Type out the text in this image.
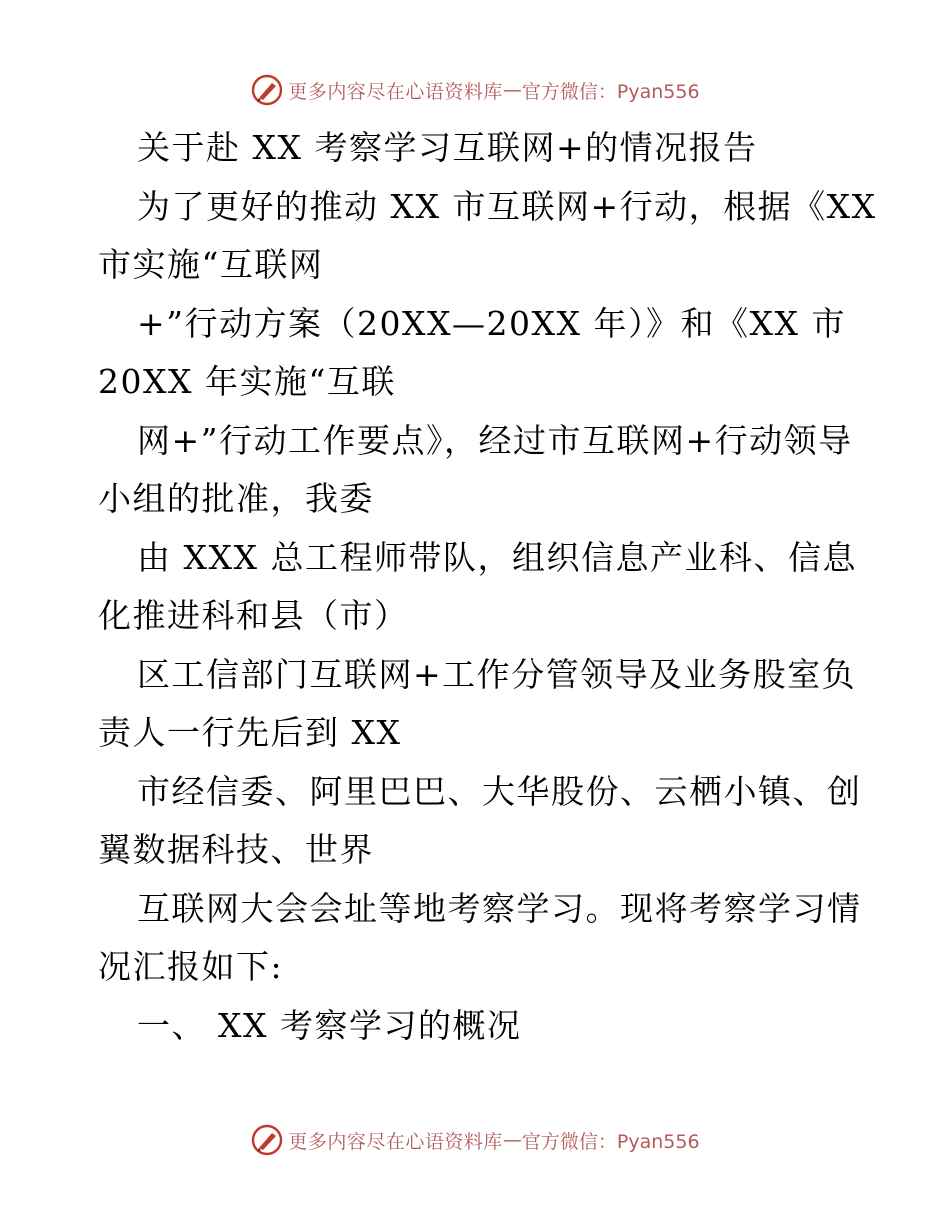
更多内容尽在心语资料库 — 官方微信：Pyan556
关于赴 XX 考察学习互联网+的情况报告
为了更好的推动 XX 市互联网+行动，根据《XX
市实施“互联网
+”行动方案（20XX—20XX 年）》和《XX 市
20XX 年实施“互联
网+”行动工作要点》，经过市互联网+行动领导
小组的批准，我委
由 XXX 总工程师带队，组织信息产业科、信息
化推进科和县（市）
区工信部门互联网+工作分管领导及业务股室负
责人一行先后到 XX
市经信委、阿里巴巴、大华股份、云栖小镇、创
翼数据科技、世界
互联网大会会址等地考察学习。现将考察学习情
况汇报如下:
一、 XX 考察学习的概况
更多内容尽在心语资料库 — 官方微信：Pyan556
